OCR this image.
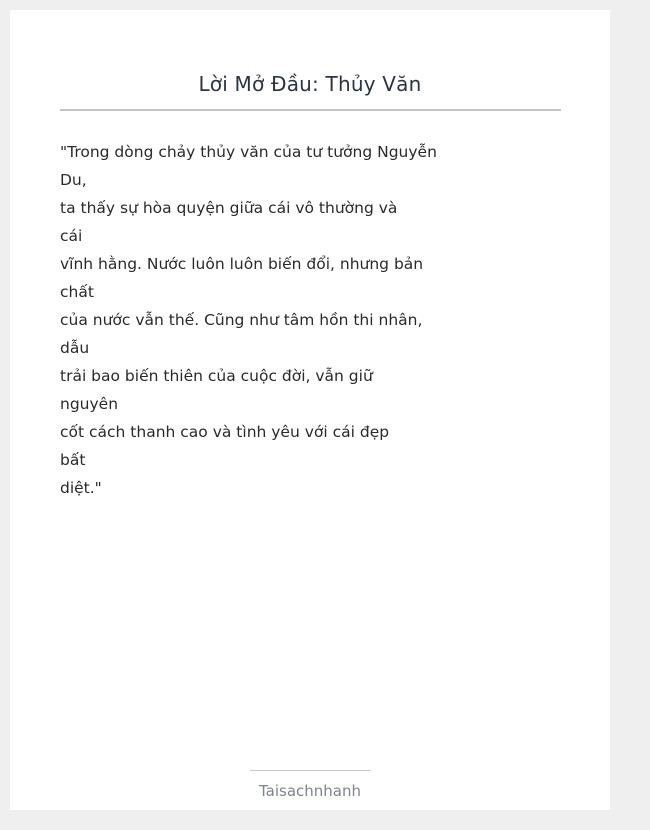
Lời Mở Đầu: Thủy Văn
"Trong dòng chảy thủy văn của tư tưởng Nguyễn
Du,
ta thấy sự hòa quyện giữa cái vô thường và
cái
vĩnh hằng. Nước luôn luôn biến đổi, nhưng bản
chất
của nước vẫn thế. Cũng như tâm hồn thi nhân,
dẫu
trải bao biến thiên của cuộc đời, vẫn giữ
nguyên
cốt cách thanh cao và tình yêu với cái đẹp
bất
diệt."
Taisachnhanh
